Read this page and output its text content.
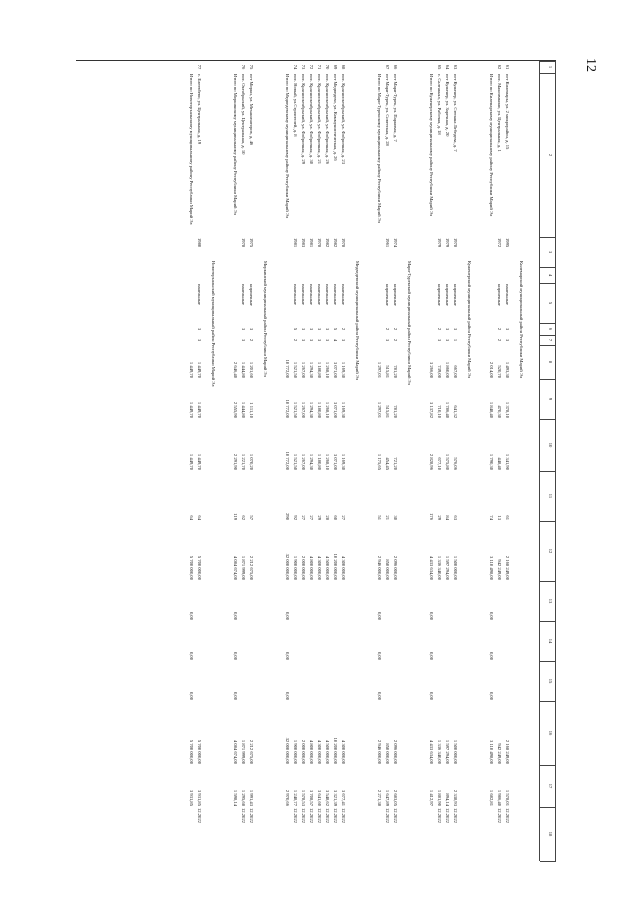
12
1
2
3
4
5
6
7
8
9
10
11
12
13
14
15
16
17
18
Килемарский муниципальный район Республики Марий Эл
61
пгт Килемары, ул. 2 микрорайон, д. 15
1995
панельные
3
3
1 493,30
1 378,10
1 341,90
61
2 168 249,00
2 168 249,00
1 578,01
12.2022
62
пос. Максимкино, ул. Центральная, д. 1
1972
кирпичные
2
2
520,70
470,30
448,40
13
942 249,00
942 249,00
1 986,40
12.2022
Итого по Килемарскому муниципальному району Республики Марий Эл
2 014,00
1 848,40
1 790,30
74
3 110 498,00
0,00
0,00
0,00
3 110 498,00
1 682,81
Куженерский муниципальный район Республики Марий Эл
63
пгт Куженер, ул. Степана Лебедева, д. 7
1978
кирпичные
3
1
667,00
641,32
576,06
63
1 500 000,00
1 500 000,00
2 338,93
12.2022
64
пгт Куженер, ул. Заречная, д. 20
1979
кирпичные
3
3
1 860,00
1 786,40
1 575,80
84
1 597 294,00
1 597 294,00
894,14
12.2022
65
с. Салтакьял, ул. Рабочая, д. 18
1979
кирпичные
2
3
739,00
710,10
677,10
29
1 336 340,00
1 336 340,00
1 881,90
12.2022
Итого по Куженерскому муниципальному району Республики Марий Эл
3 266,00
3 137,82
2 828,96
176
4 433 634,00
0,00
0,00
0,00
4 433 634,00
1 412,97
Мари-Турекский муниципальный район Республики Марий Эл
66
пгт Мари-Турек, ул. Парковая, д. 7
1974
кирпичные
2
2
781,20
781,20
721,20
30
2 096 000,00
2 096 000,00
2 683,05
12.2022
67
пгт Мари-Турек, ул. Советская, д. 28
1961
кирпичные
2
3
515,81
515,81
454,45
21
850 000,00
850 000,00
1 647,89
12.2022
Итого по Мари-Турекскому муниципальному району Республики Марий Эл
1 297,01
1 297,01
1 175,65
51
2 946 000,00
0,00
0,00
0,00
2 946 000,00
2 271,38
Медведевский муниципальный район Республики Марий Эл
68
пос. Краснооктябрьский, ул. Фабричная, д. 23
1978
панельные
2
3
1 169,30
1 169,30
1 169,30
27
4 300 000,00
4 300 000,00
3 677,41
12.2022
69
пгт Медведево, ул. Коммунистическая, д. 26
1982
панельные
5
4
3 071,00
3 071,00
3 071,00
60
10 200 000,00
10 200 000,00
3 321,39
12.2022
70
пос. Краснооктябрьский, ул. Фабричная, д. 26
1982
панельные
3
3
1 268,10
1 268,10
1 268,10
28
4 500 000,00
4 500 000,00
3 548,62
12.2022
71
пос. Краснооктябрьский, ул. Фабричная, д. 21
1978
панельные
3
3
1 180,80
1 180,80
1 180,80
29
4 300 000,00
4 300 000,00
3 641,60
12.2022
72
пос. Краснооктябрьский, ул. Фабричная, д. 30
1981
панельные
3
3
1 294,30
1 294,30
1 294,30
27
4 800 000,00
4 800 000,00
3 708,57
12.2022
73
пос. Краснооктябрьский, ул. Фабричная, д. 29
1983
панельные
3
3
1 267,00
1 267,00
1 267,00
27
2 000 000,00
2 000 000,00
1 578,53
12.2022
74
пос. Новый, ул.Строителей, д. 8
1981
панельные
5
2
1 521,50
1 521,50
1 521,50
92
1 900 000,00
1 900 000,00
1 248,77
12.2022
Итого по Медведевскому муниципальному району Республики Марий Эл
10 772,00
10 772,00
10 772,00
290
32 000 000,00
0,00
0,00
0,00
32 000 000,00
2 970,66
Моркинский муниципальный район Республики Марий Эл
75
пгт Морки, ул. Механизаторов, д. 46
1975
кирпичные
3
2
1 201,60
1 111,10
1 070,20
57
2 212 675,00
2 212 675,00
1 991,43
12.2022
76
пос. Октябрьский, ул. Центральная, д. 10
1978
панельные
3
3
1 444,80
1 444,80
1 221,70
62
1 871 999,00
1 871 999,00
1 295,68
12.2022
Итого по Моркинскому муниципальному району Республики Марий Эл
2 646,40
2 555,90
2 291,90
119
4 084 674,00
0,00
0,00
0,00
4 084 674,00
1 598,14
Новоторъяльский муниципальный район Республики Марий Эл
77
с. Елеевбево, ул. Центральная, д. 19
1980
панельные
3
3
1 449,70
1 449,70
1 449,70
64
5 700 000,00
5 700 000,00
3 931,85
12.2022
Итого по Новоторъяльскому муниципальному району Республики Марий Эл
1 449,70
1 449,70
1 449,70
64
5 700 000,00
0,00
0,00
0,00
5 700 000,00
3 931,85
